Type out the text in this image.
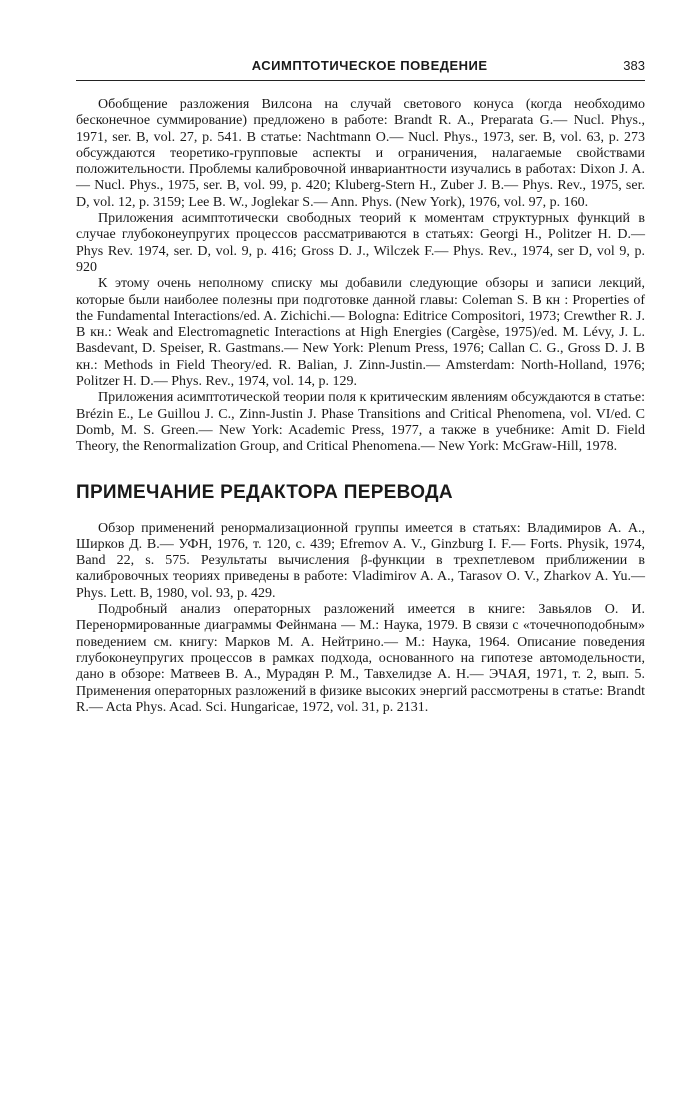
АСИМПТОТИЧЕСКОЕ ПОВЕДЕНИЕ	383

Обобщение разложения Вилсона на случай светового конуса (когда необходимо бесконечное суммирование) предложено в работе: Brandt R. A., Preparata G.— Nucl. Phys., 1971, ser. B, vol. 27, p. 541. В статье: Nachtmann O.— Nucl. Phys., 1973, ser. B, vol. 63, p. 273 обсуждаются теоретико-групповые аспекты и ограничения, налагаемые свойствами положительности. Проблемы калибровочной инвариантности изучались в работах: Dixon J. A.— Nucl. Phys., 1975, ser. B, vol. 99, p. 420; Kluberg-Stern H., Zuber J. B.— Phys. Rev., 1975, ser. D, vol. 12, p. 3159; Lee B. W., Joglekar S.— Ann. Phys. (New York), 1976, vol. 97, p. 160.

Приложения асимптотически свободных теорий к моментам структурных функций в случае глубоконеупругих процессов рассматриваются в статьях: Georgi H., Politzer H. D.— Phys Rev. 1974, ser. D, vol. 9, p. 416; Gross D. J., Wilczek F.— Phys. Rev., 1974, ser D, vol 9, p. 920

К этому очень неполному списку мы добавили следующие обзоры и записи лекций, которые были наиболее полезны при подготовке данной главы: Coleman S. В кн : Properties of the Fundamental Interactions/ed. A. Zichichi.— Bologna: Editrice Compositori, 1973; Crewther R. J. В кн.: Weak and Electromagnetic Interactions at High Energies (Cargèse, 1975)/ed. M. Lévy, J. L. Basdevant, D. Speiser, R. Gastmans.— New York: Plenum Press, 1976; Callan C. G., Gross D. J. В кн.: Methods in Field Theory/ed. R. Balian, J. Zinn-Justin.— Amsterdam: North-Holland, 1976; Politzer H. D.— Phys. Rev., 1974, vol. 14, p. 129.

Приложения асимптотической теории поля к критическим явлениям обсуждаются в статье: Brézin E., Le Guillou J. C., Zinn-Justin J. Phase Transitions and Critical Phenomena, vol. VI/ed. C Domb, M. S. Green.— New York: Academic Press, 1977, а также в учебнике: Amit D. Field Theory, the Renormalization Group, and Critical Phenomena.— New York: McGraw-Hill, 1978.

ПРИМЕЧАНИЕ РЕДАКТОРА ПЕРЕВОДА

Обзор применений ренормализационной группы имеется в статьях: Владимиров А. А., Ширков Д. В.— УФН, 1976, т. 120, с. 439; Efremov A. V., Ginzburg I. F.— Forts. Physik, 1974, Band 22, s. 575. Результаты вычисления β-функции в трехпетлевом приближении в калибровочных теориях приведены в работе: Vladimirov A. A., Tarasov O. V., Zharkov A. Yu.— Phys. Lett. B, 1980, vol. 93, p. 429.

Подробный анализ операторных разложений имеется в книге: Завьялов О. И. Перенормированные диаграммы Фейнмана — М.: Наука, 1979. В связи с «точечноподобным» поведением см. книгу: Марков М. А. Нейтрино.— М.: Наука, 1964. Описание поведения глубоконеупругих процессов в рамках подхода, основанного на гипотезе автомодельности, дано в обзоре: Матвеев В. А., Мурадян Р. М., Тавхелидзе А. Н.— ЭЧАЯ, 1971, т. 2, вып. 5. Применения операторных разложений в физике высоких энергий рассмотрены в статье: Brandt R.— Acta Phys. Acad. Sci. Hungaricae, 1972, vol. 31, p. 2131.
